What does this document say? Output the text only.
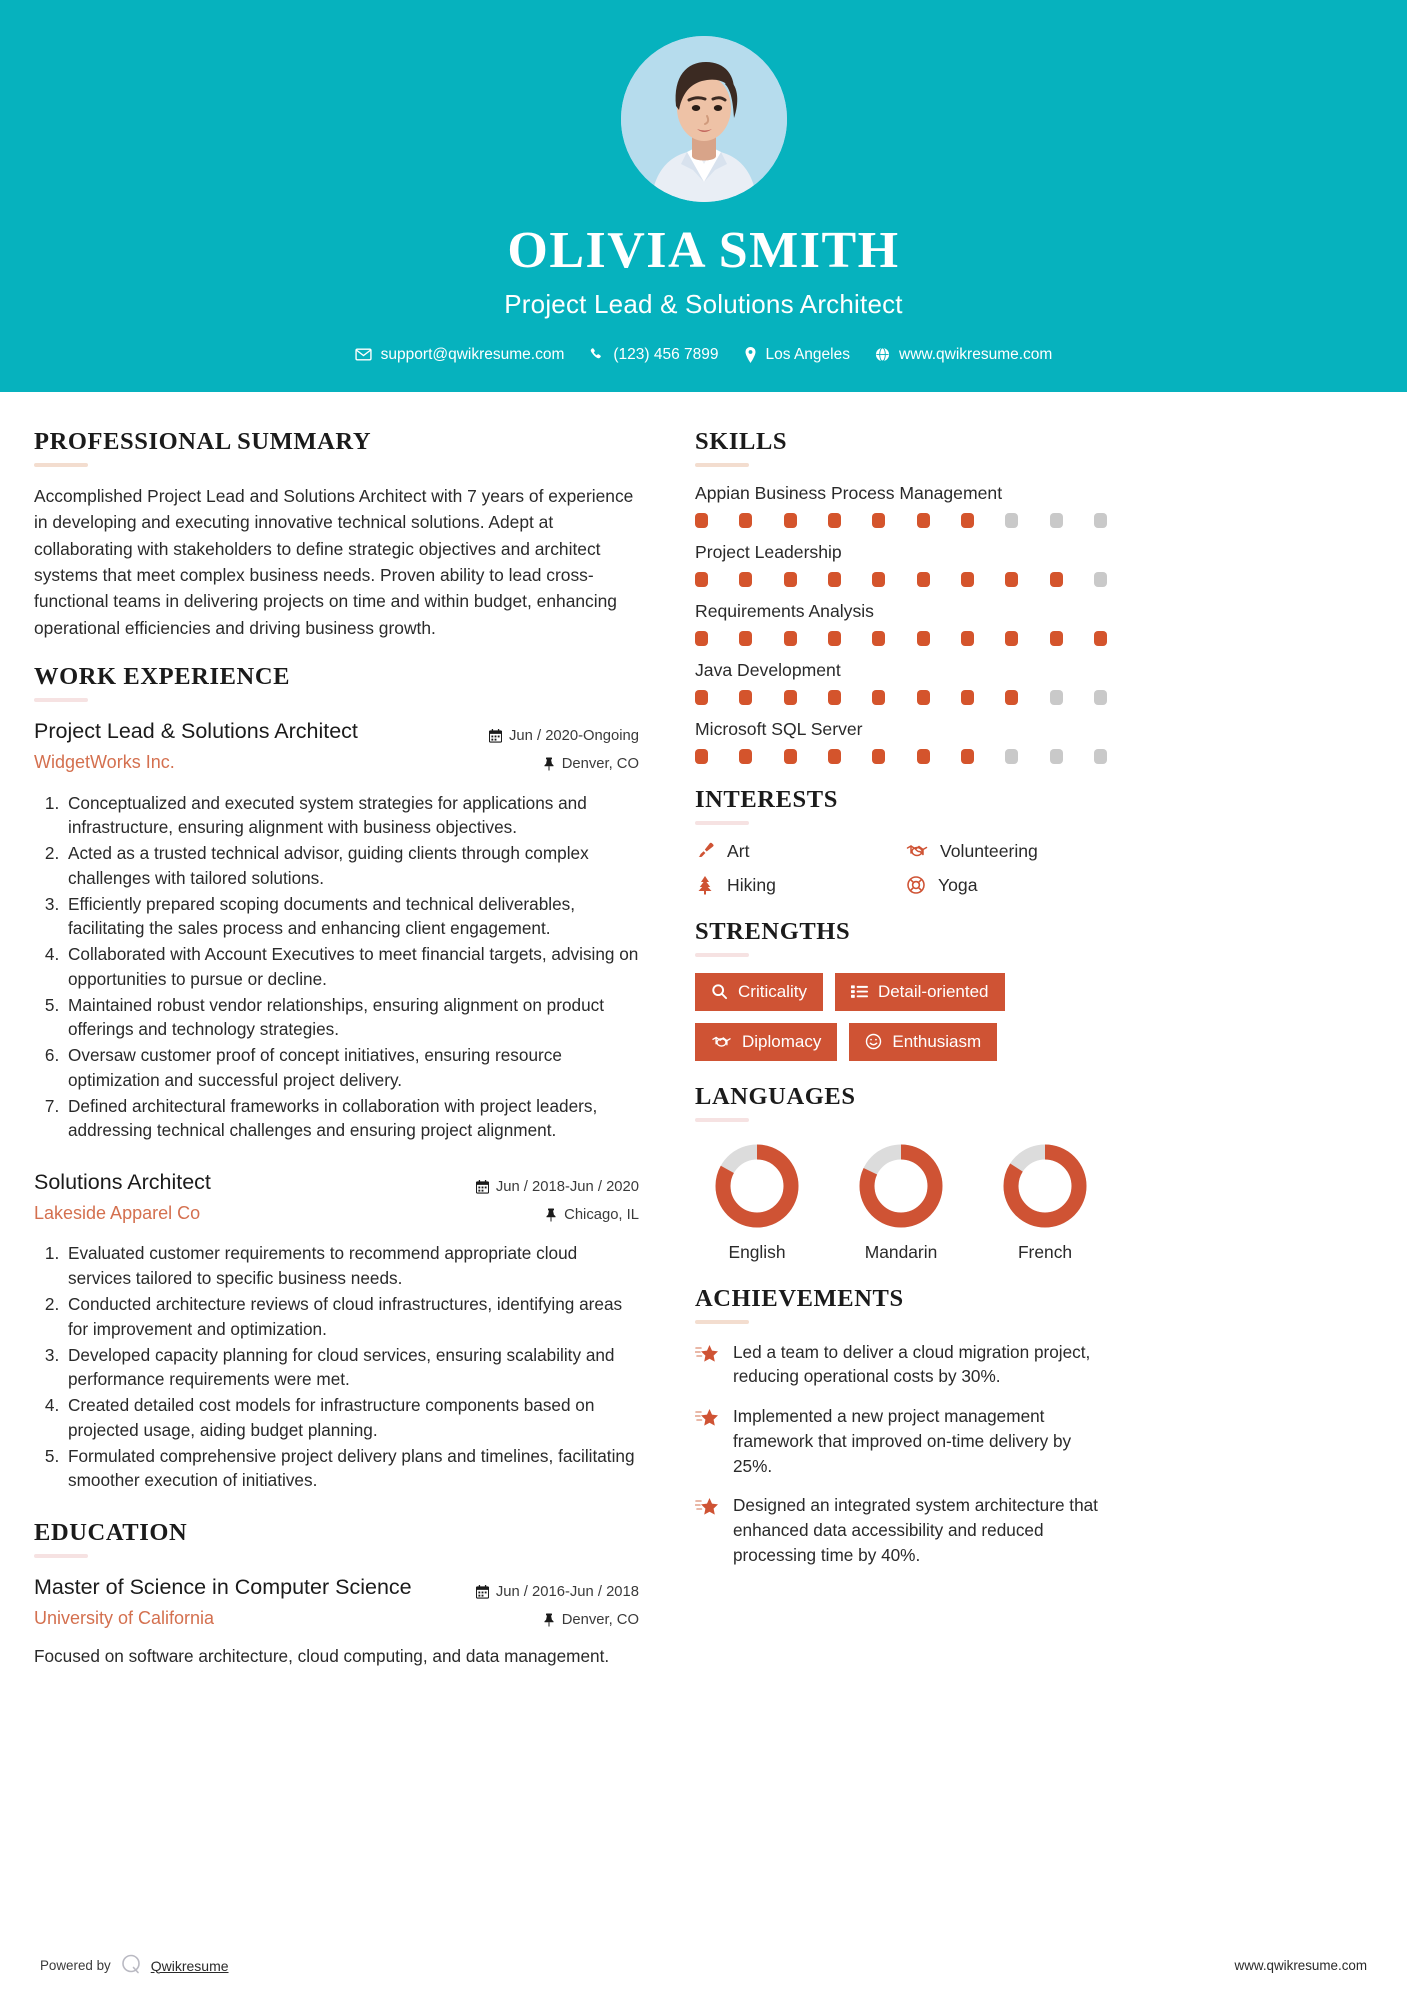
OLIVIA SMITH
Project Lead & Solutions Architect
support@qwikresume.com	(123) 456 7899	Los Angeles	www.qwikresume.com
PROFESSIONAL SUMMARY
Accomplished Project Lead and Solutions Architect with 7 years of experience in developing and executing innovative technical solutions. Adept at collaborating with stakeholders to define strategic objectives and architect systems that meet complex business needs. Proven ability to lead cross-functional teams in delivering projects on time and within budget, enhancing operational efficiencies and driving business growth.
WORK EXPERIENCE
Project Lead & Solutions Architect
WidgetWorks Inc.
Jun / 2020-Ongoing
Denver, CO
1. Conceptualized and executed system strategies for applications and infrastructure, ensuring alignment with business objectives.
2. Acted as a trusted technical advisor, guiding clients through complex challenges with tailored solutions.
3. Efficiently prepared scoping documents and technical deliverables, facilitating the sales process and enhancing client engagement.
4. Collaborated with Account Executives to meet financial targets, advising on opportunities to pursue or decline.
5. Maintained robust vendor relationships, ensuring alignment on product offerings and technology strategies.
6. Oversaw customer proof of concept initiatives, ensuring resource optimization and successful project delivery.
7. Defined architectural frameworks in collaboration with project leaders, addressing technical challenges and ensuring project alignment.
Solutions Architect
Lakeside Apparel Co
Jun / 2018-Jun / 2020
Chicago, IL
1. Evaluated customer requirements to recommend appropriate cloud services tailored to specific business needs.
2. Conducted architecture reviews of cloud infrastructures, identifying areas for improvement and optimization.
3. Developed capacity planning for cloud services, ensuring scalability and performance requirements were met.
4. Created detailed cost models for infrastructure components based on projected usage, aiding budget planning.
5. Formulated comprehensive project delivery plans and timelines, facilitating smoother execution of initiatives.
EDUCATION
Master of Science in Computer Science
University of California
Jun / 2016-Jun / 2018
Denver, CO
Focused on software architecture, cloud computing, and data management.
SKILLS
Appian Business Process Management
Project Leadership
Requirements Analysis
Java Development
Microsoft SQL Server
INTERESTS
Art	Volunteering
Hiking	Yoga
STRENGTHS
Criticality	Detail-oriented
Diplomacy	Enthusiasm
LANGUAGES
English	Mandarin	French
ACHIEVEMENTS
Led a team to deliver a cloud migration project, reducing operational costs by 30%.
Implemented a new project management framework that improved on-time delivery by 25%.
Designed an integrated system architecture that enhanced data accessibility and reduced processing time by 40%.
Powered by	Qwikresume	www.qwikresume.com
